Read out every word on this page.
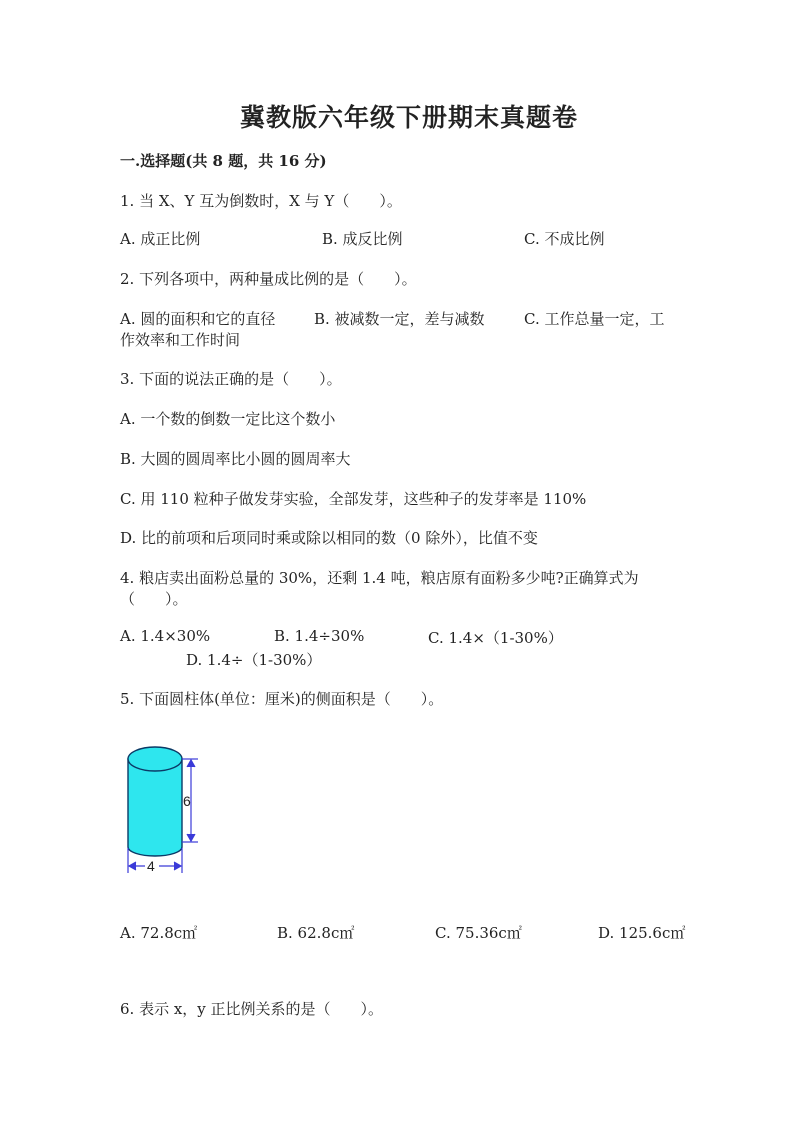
冀教版六年级下册期末真题卷
一.选择题(共 8 题，共 16 分)
1. 当 X、Y 互为倒数时，X 与 Y（　　）。
A. 成正比例	B. 成反比例	C. 不成比例
2. 下列各项中，两种量成比例的是（　　）。
A. 圆的面积和它的直径	B. 被减数一定，差与减数	C. 工作总量一定，工
作效率和工作时间
3. 下面的说法正确的是（　　）。
A. 一个数的倒数一定比这个数小
B. 大圆的圆周率比小圆的圆周率大
C. 用 110 粒种子做发芽实验，全部发芽，这些种子的发芽率是 110%
D. 比的前项和后项同时乘或除以相同的数（0 除外），比值不变
4. 粮店卖出面粉总量的 30%，还剩 1.4 吨，粮店原有面粉多少吨?正确算式为
（　　）。
A. 1.4×30%	B. 1.4÷30%	C. 1.4×（1-30%）
D. 1.4÷（1-30%）
5. 下面圆柱体(单位：厘米)的侧面积是（　　）。
6
4
A. 72.8c㎡	B. 62.8c㎡	C. 75.36c㎡	D. 125.6c㎡
6. 表示 x，y 正比例关系的是（　　）。
